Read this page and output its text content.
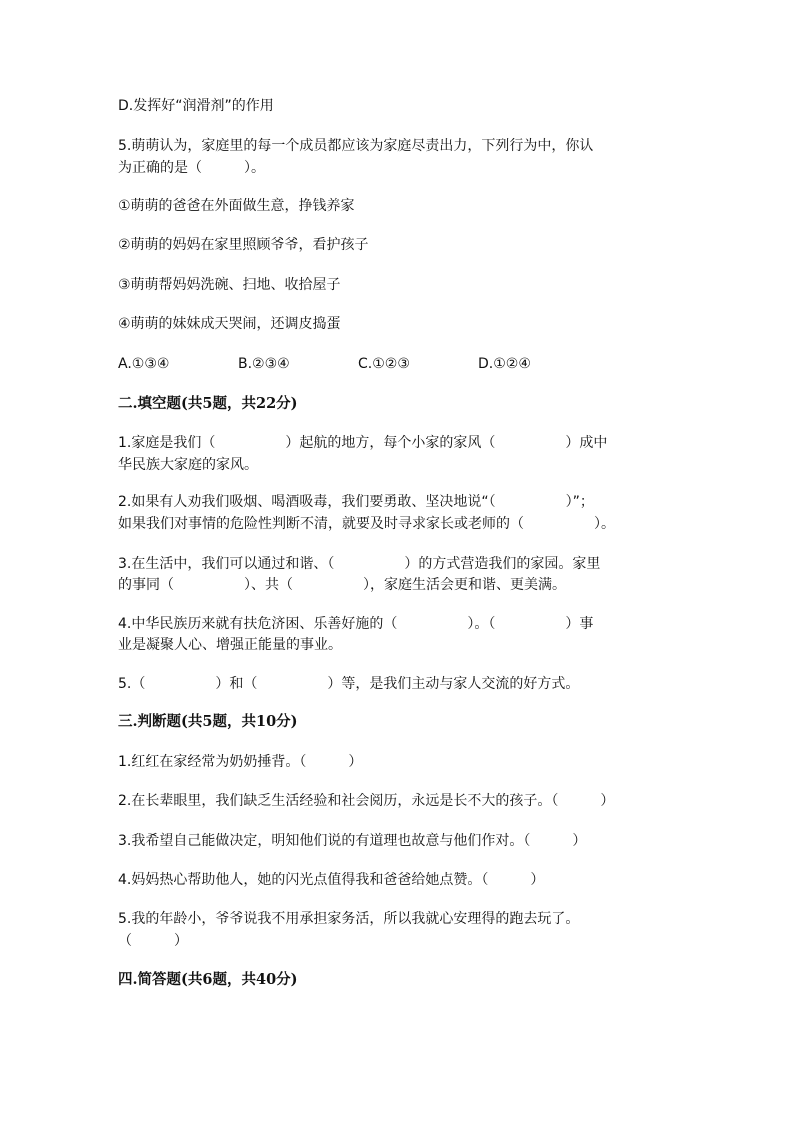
D.发挥好“润滑剂”的作用
5.萌萌认为，家庭里的每一个成员都应该为家庭尽责出力，下列行为中，你认
为正确的是（　　　）。
①萌萌的爸爸在外面做生意，挣钱养家
②萌萌的妈妈在家里照顾爷爷，看护孩子
③萌萌帮妈妈洗碗、扫地、收拾屋子
④萌萌的妹妹成天哭闹，还调皮捣蛋
A.①③④	B.②③④	C.①②③	D.①②④
二.填空题(共5题，共22分)
1.家庭是我们（　　　　　）起航的地方，每个小家的家风（　　　　　）成中
华民族大家庭的家风。
2.如果有人劝我们吸烟、喝酒吸毒，我们要勇敢、坚决地说“（　　　　　）”；
如果我们对事情的危险性判断不清，就要及时寻求家长或老师的（　　　　　）。
3.在生活中，我们可以通过和谐、（　　　　　）的方式营造我们的家园。家里
的事同（　　　　　）、共（　　　　　），家庭生活会更和谐、更美满。
4.中华民族历来就有扶危济困、乐善好施的（　　　　　）。（　　　　　）事
业是凝聚人心、增强正能量的事业。
5.（　　　　　）和（　　　　　）等，是我们主动与家人交流的好方式。
三.判断题(共5题，共10分)
1.红红在家经常为奶奶捶背。（　　　）
2.在长辈眼里，我们缺乏生活经验和社会阅历，永远是长不大的孩子。（　　　）
3.我希望自己能做决定，明知他们说的有道理也故意与他们作对。（　　　）
4.妈妈热心帮助他人，她的闪光点值得我和爸爸给她点赞。（　　　）
5.我的年龄小，爷爷说我不用承担家务活，所以我就心安理得的跑去玩了。
（　　　）
四.简答题(共6题，共40分)
